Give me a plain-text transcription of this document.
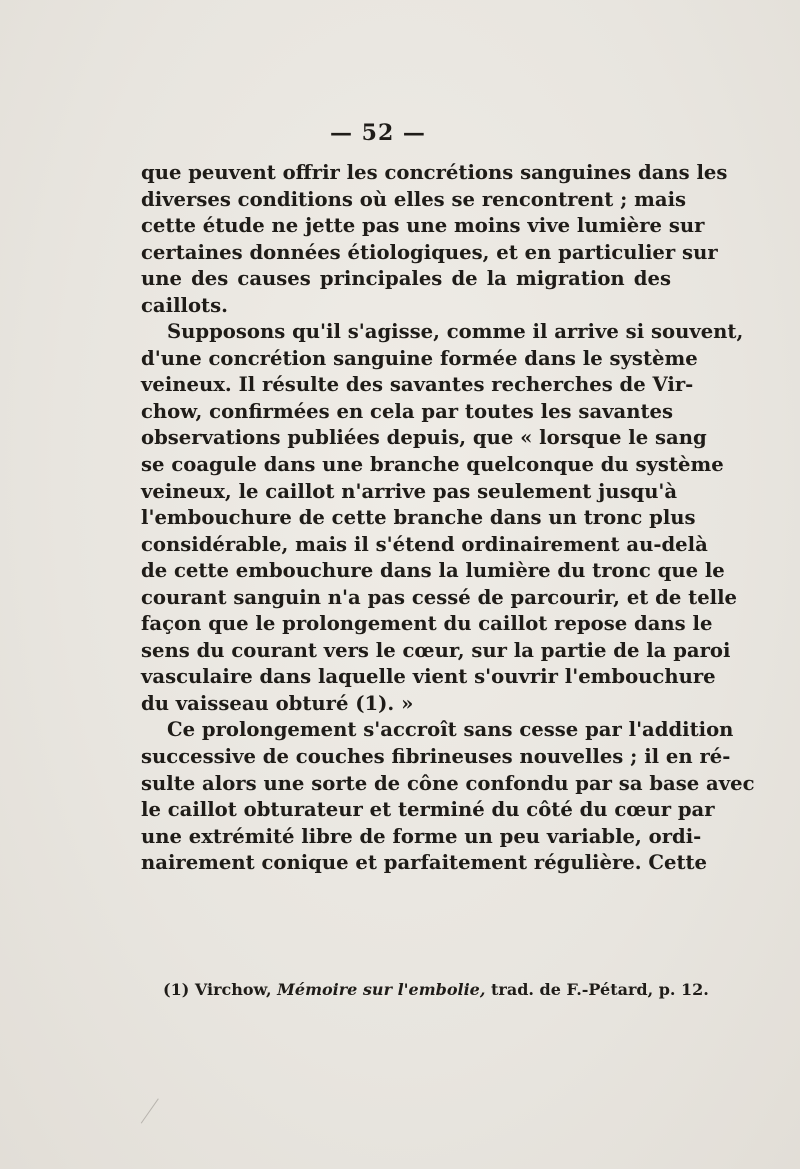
— 52 —
que peuvent offrir les concrétions sanguines dans les
diverses conditions où elles se rencontrent ; mais
cette étude ne jette pas une moins vive lumière sur
certaines données étiologiques, et en particulier sur
une des causes principales de la migration des
caillots.
Supposons qu'il s'agisse, comme il arrive si souvent,
d'une concrétion sanguine formée dans le système
veineux. Il résulte des savantes recherches de Vir-
chow, confirmées en cela par toutes les savantes
observations publiées depuis, que « lorsque le sang
se coagule dans une branche quelconque du système
veineux, le caillot n'arrive pas seulement jusqu'à
l'embouchure de cette branche dans un tronc plus
considérable, mais il s'étend ordinairement au-delà
de cette embouchure dans la lumière du tronc que le
courant sanguin n'a pas cessé de parcourir, et de telle
façon que le prolongement du caillot repose dans le
sens du courant vers le cœur, sur la partie de la paroi
vasculaire dans laquelle vient s'ouvrir l'embouchure
du vaisseau obturé (1). »
Ce prolongement s'accroît sans cesse par l'addition
successive de couches fibrineuses nouvelles ; il en ré-
sulte alors une sorte de cône confondu par sa base avec
le caillot obturateur et terminé du côté du cœur par
une extrémité libre de forme un peu variable, ordi-
nairement conique et parfaitement régulière. Cette
(1) Virchow, Mémoire sur l'embolie, trad. de F.-Pétard, p. 12.
